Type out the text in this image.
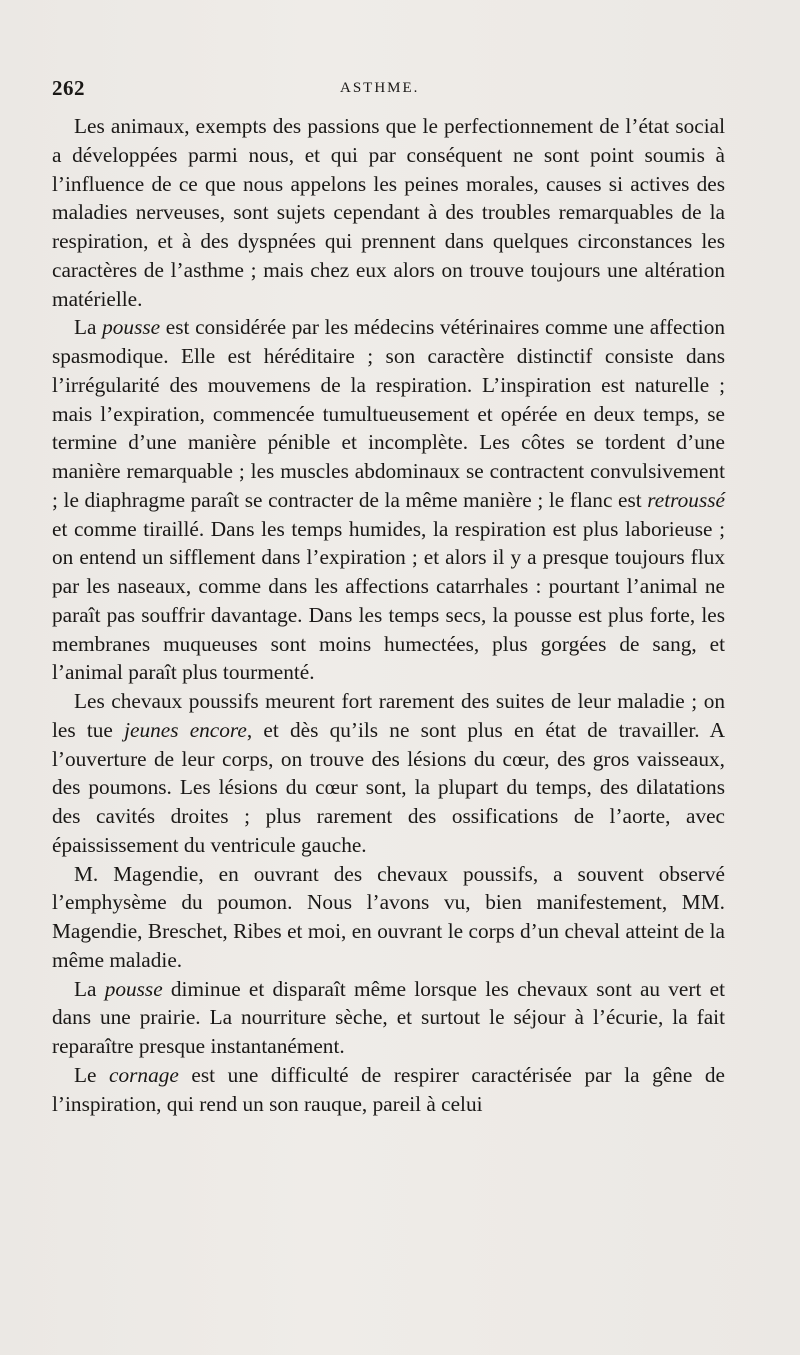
262	ASTHME.

Les animaux, exempts des passions que le perfectionnement de l’état social a développées parmi nous, et qui par conséquent ne sont point soumis à l’influence de ce que nous appelons les peines morales, causes si actives des maladies nerveuses, sont sujets cependant à des troubles remarquables de la respiration, et à des dyspnées qui prennent dans quelques circonstances les caractères de l’asthme ; mais chez eux alors on trouve toujours une altération matérielle.

La pousse est considérée par les médecins vétérinaires comme une affection spasmodique. Elle est héréditaire ; son caractère distinctif consiste dans l’irrégularité des mouvemens de la respiration. L’inspiration est naturelle ; mais l’expiration, commencée tumultueusement et opérée en deux temps, se termine d’une manière pénible et incomplète. Les côtes se tordent d’une manière remarquable ; les muscles abdominaux se contractent convulsivement ; le diaphragme paraît se contracter de la même manière ; le flanc est retroussé et comme tiraillé. Dans les temps humides, la respiration est plus laborieuse ; on entend un sifflement dans l’expiration ; et alors il y a presque toujours flux par les naseaux, comme dans les affections catarrhales : pourtant l’animal ne paraît pas souffrir davantage. Dans les temps secs, la pousse est plus forte, les membranes muqueuses sont moins humectées, plus gorgées de sang, et l’animal paraît plus tourmenté.

Les chevaux poussifs meurent fort rarement des suites de leur maladie ; on les tue jeunes encore, et dès qu’ils ne sont plus en état de travailler. A l’ouverture de leur corps, on trouve des lésions du cœur, des gros vaisseaux, des poumons. Les lésions du cœur sont, la plupart du temps, des dilatations des cavités droites ; plus rarement des ossifications de l’aorte, avec épaississement du ventricule gauche.

M. Magendie, en ouvrant des chevaux poussifs, a souvent observé l’emphysème du poumon. Nous l’avons vu, bien manifestement, MM. Magendie, Breschet, Ribes et moi, en ouvrant le corps d’un cheval atteint de la même maladie.

La pousse diminue et disparaît même lorsque les chevaux sont au vert et dans une prairie. La nourriture sèche, et surtout le séjour à l’écurie, la fait reparaître presque instantanément.

Le cornage est une difficulté de respirer caractérisée par la gêne de l’inspiration, qui rend un son rauque, pareil à celui
